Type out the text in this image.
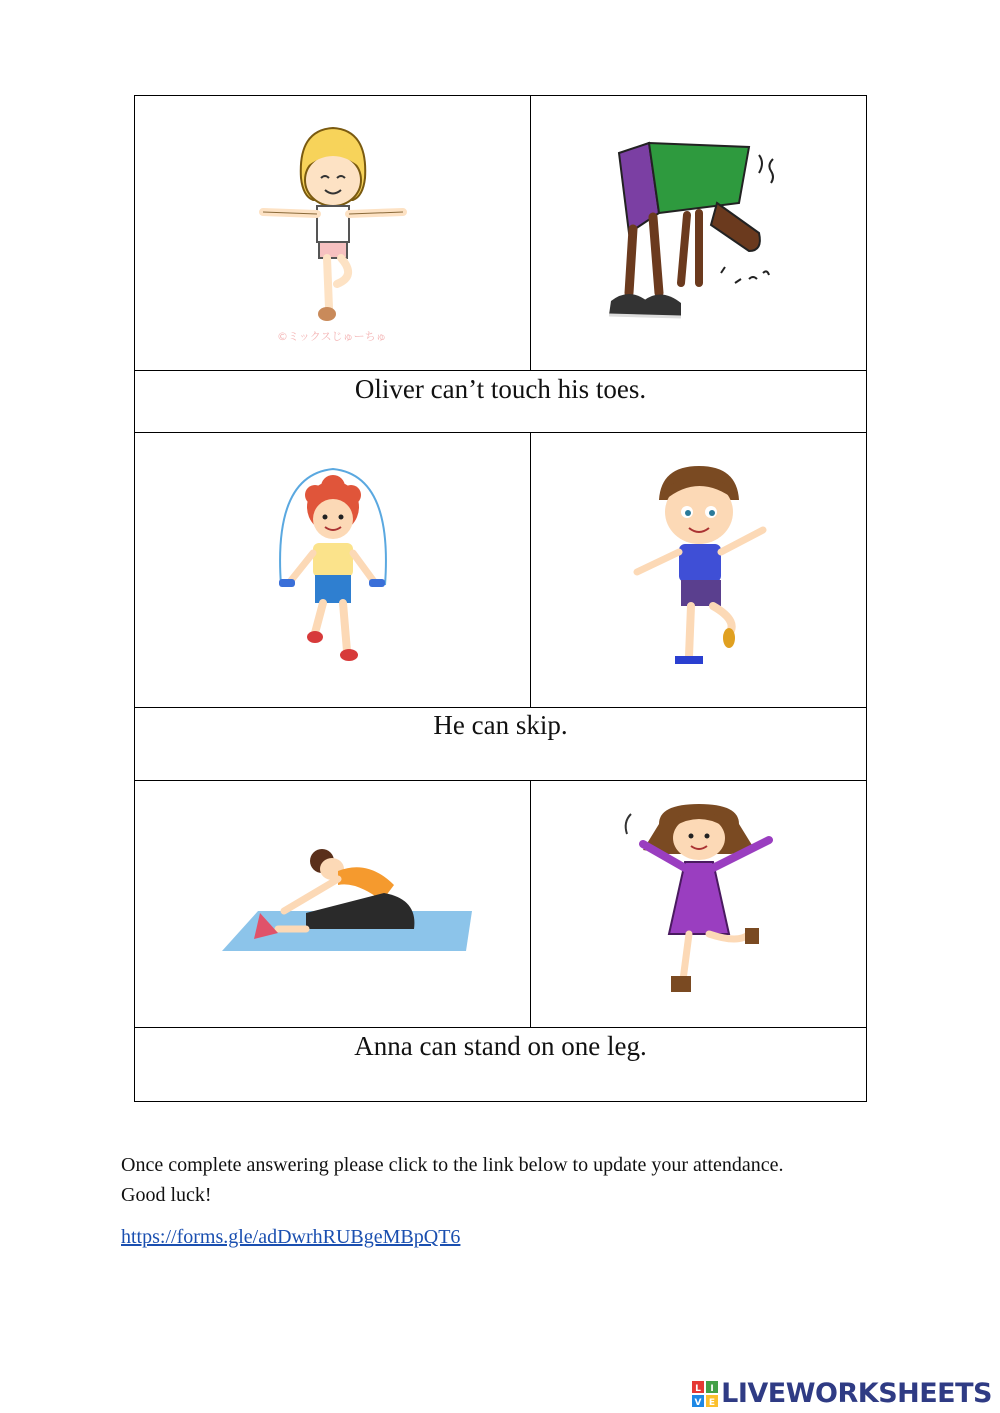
©ミックスじゅーちゅ

Oliver can’t touch his toes.	

He can skip.	

Anna can stand on one leg.	

Once complete answering please click to the link below to update your attendance. Good luck!

https://forms.gle/adDwrhRUBgeMBpQT6
L I
V E LIVEWORKSHEETS
